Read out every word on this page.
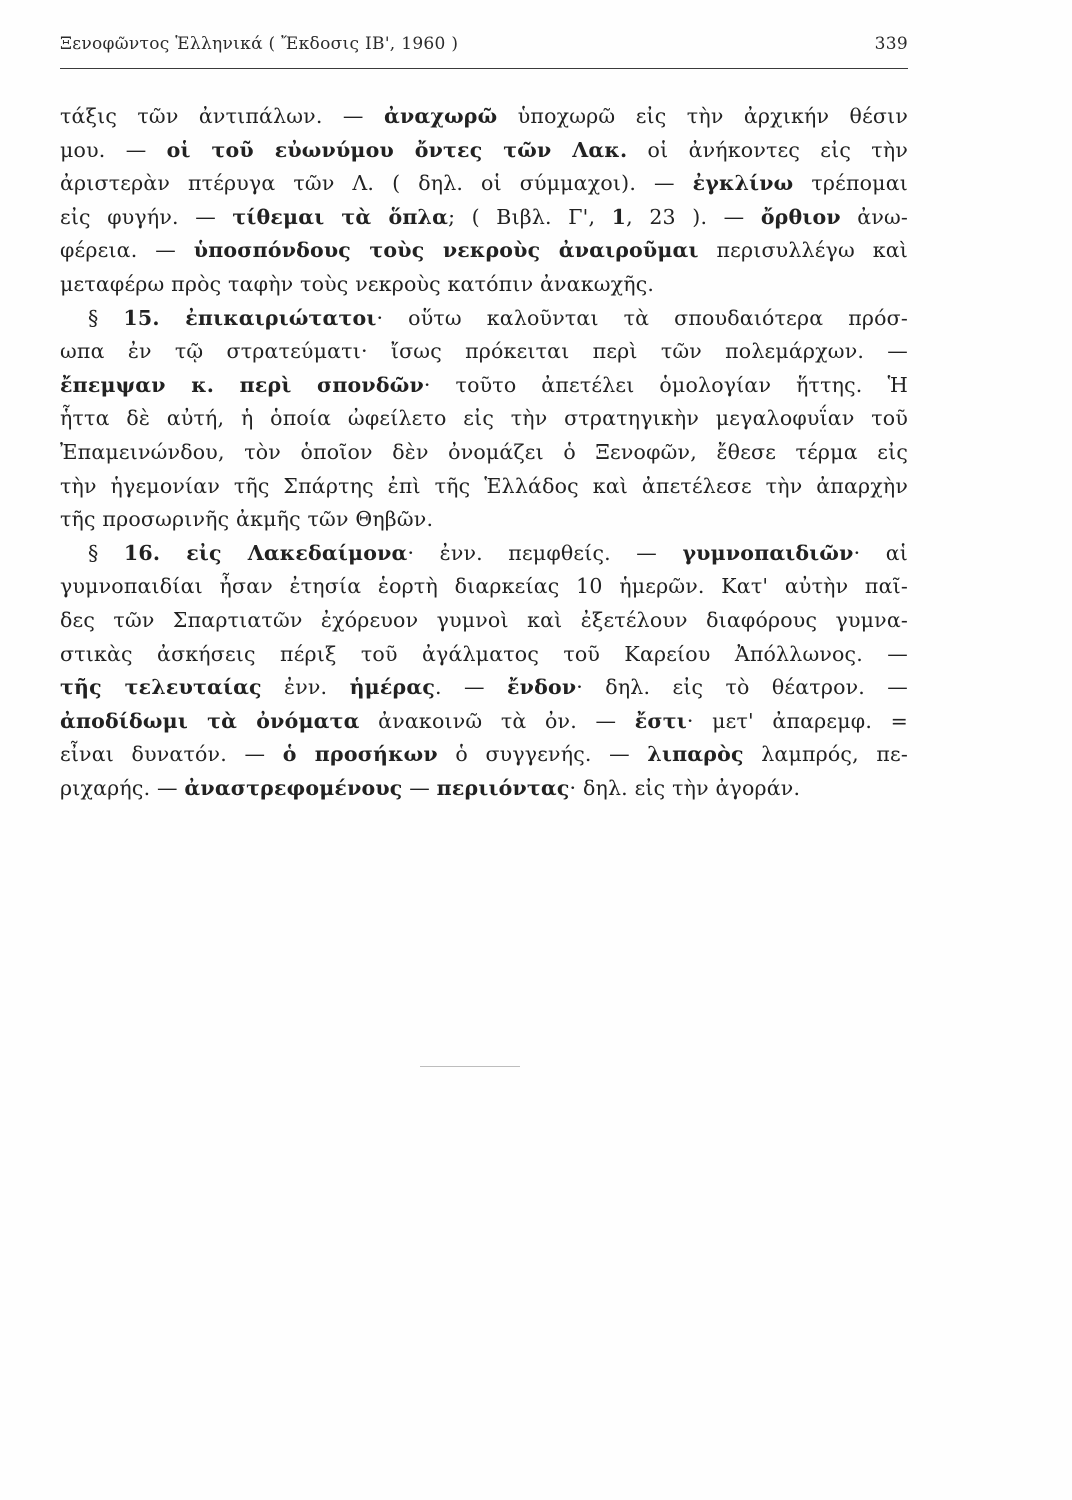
Ξενοφῶντος Ἑλληνικά ( Ἔκδοσις ΙΒ', 1960 )	339
τάξις τῶν ἀντιπάλων. — ἀναχωρῶ ὑποχωρῶ εἰς τὴν ἀρχικήν θέσιν
μου. — οἱ τοῦ εὐωνύμου ὄντες τῶν Λακ. οἱ ἀνήκοντες εἰς τὴν
ἀριστερὰν πτέρυγα τῶν Λ. ( δηλ. οἱ σύμμαχοι). — ἐγκλίνω τρέπομαι
εἰς φυγήν. — τίθεμαι τὰ ὅπλα; ( Βιβλ. Γ', 1, 23 ). — ὄρθιον ἀνω-
φέρεια. — ὑποσπόνδους τοὺς νεκροὺς ἀναιροῦμαι περισυλλέγω καὶ
μεταφέρω πρὸς ταφὴν τοὺς νεκροὺς κατόπιν ἀνακωχῆς.
§ 15. ἐπικαιριώτατοι· οὕτω καλοῦνται τὰ σπουδαιότερα πρόσ-
ωπα ἐν τῷ στρατεύματι· ἴσως πρόκειται περὶ τῶν πολεμάρχων. —
ἔπεμψαν κ. περὶ σπονδῶν· τοῦτο ἀπετέλει ὁμολογίαν ἥττης. Ἡ
ἧττα δὲ αὐτή, ἡ ὁποία ὠφείλετο εἰς τὴν στρατηγικὴν μεγαλοφυΐαν τοῦ
Ἐπαμεινώνδου, τὸν ὁποῖον δὲν ὀνομάζει ὁ Ξενοφῶν, ἔθεσε τέρμα εἰς
τὴν ἡγεμονίαν τῆς Σπάρτης ἐπὶ τῆς Ἑλλάδος καὶ ἀπετέλεσε τὴν ἀπαρχὴν
τῆς προσωρινῆς ἀκμῆς τῶν Θηβῶν.
§ 16. εἰς Λακεδαίμονα· ἐνν. πεμφθείς. — γυμνοπαιδιῶν· αἱ
γυμνοπαιδίαι ἦσαν ἐτησία ἑορτὴ διαρκείας 10 ἡμερῶν. Κατ' αὐτὴν παῖ-
δες τῶν Σπαρτιατῶν ἐχόρευον γυμνοὶ καὶ ἐξετέλουν διαφόρους γυμνα-
στικὰς ἀσκήσεις πέριξ τοῦ ἀγάλματος τοῦ Καρείου Ἀπόλλωνος. —
τῆς τελευταίας ἐνν. ἡμέρας. — ἔνδον· δηλ. εἰς τὸ θέατρον. —
ἀποδίδωμι τὰ ὀνόματα ἀνακοινῶ τὰ ὀν. — ἔστι· μετ' ἀπαρεμφ. =
εἶναι δυνατόν. — ὁ προσήκων ὁ συγγενής. — λιπαρὸς λαμπρός, πε-
ριχαρής. — ἀναστρεφομένους — περιιόντας· δηλ. εἰς τὴν ἀγοράν.
